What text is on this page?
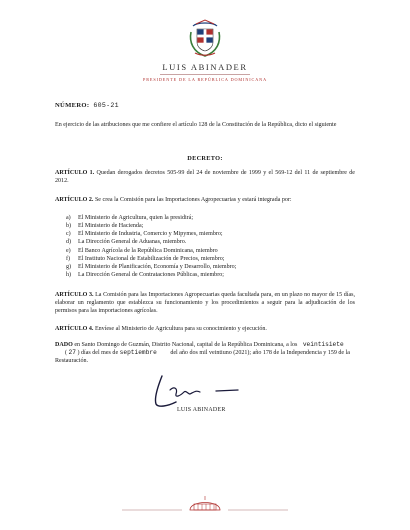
LUIS ABINADER
PRESIDENTE DE LA REPÚBLICA DOMINICANA
NÚMERO: 605-21
En ejercicio de las atribuciones que me confiere el artículo 128 de la Constitución de la República, dicto el siguiente
DECRETO:
ARTÍCULO 1. Quedan derogados decretos 505-99 del 24 de noviembre de 1999 y el 569-12 del 11 de septiembre de 2012.
ARTÍCULO 2. Se crea la Comisión para las Importaciones Agropecuarias y estará integrada por:
a) El Ministerio de Agricultura, quien la presidirá;
b) El Ministerio de Hacienda;
c) El Ministerio de Industria, Comercio y Mipymes, miembro;
d) La Dirección General de Aduanas, miembro.
e) El Banco Agrícola de la República Dominicana, miembro
f) El Instituto Nacional de Estabilización de Precios, miembro;
g) El Ministerio de Planificación, Economía y Desarrollo, miembro;
h) La Dirección General de Contrataciones Públicas, miembro;
ARTÍCULO 3. La Comisión para las Importaciones Agropecuarias queda facultada para, en un plazo no mayor de 15 días, elaborar un reglamento que establezca su funcionamiento y los procedimientos a seguir para la adjudicación de los permisos para las importaciones agrícolas.
ARTÍCULO 4. Envíese al Ministerio de Agricultura para su conocimiento y ejecución.
DADO en Santo Domingo de Guzmán, Distrito Nacional, capital de la República Dominicana, a los veintisiete ( 27 ) días del mes de septiembre del año dos mil veintiuno (2021); año 178 de la Independencia y 159 de la Restauración.
LUIS ABINADER
